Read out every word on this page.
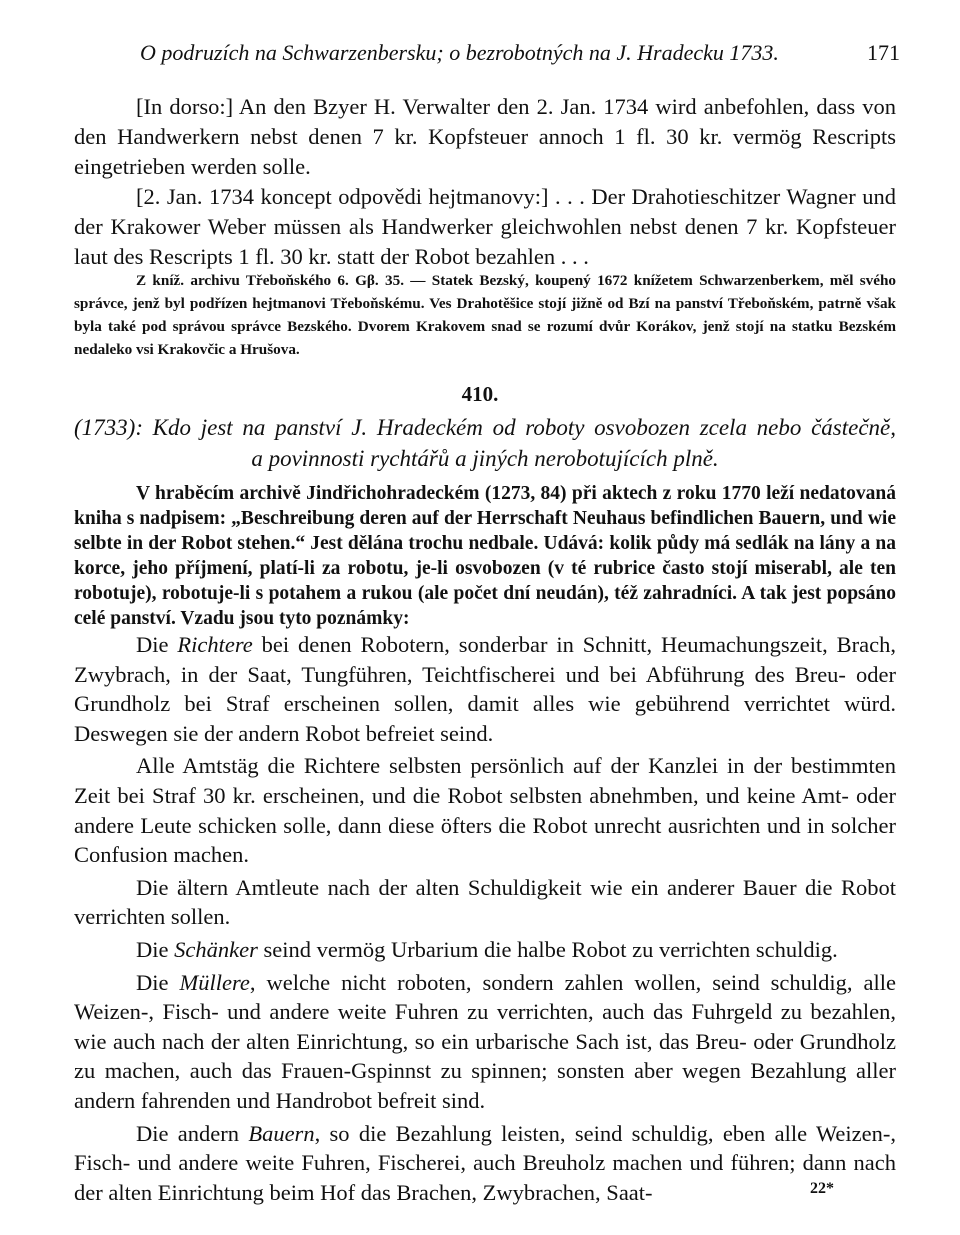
O podruzích na Schwarzenbersku; o bezrobotných na J. Hradecku 1733.	171
[In dorso:] An den Bzyer H. Verwalter den 2. Jan. 1734 wird anbefohlen, dass von den Handwerkern nebst denen 7 kr. Kopfsteuer annoch 1 fl. 30 kr. vermög Rescripts eingetrieben werden solle.
[2. Jan. 1734 koncept odpovědi hejtmanovy:] . . . Der Drahotieschitzer Wagner und der Krakower Weber müssen als Handwerker gleichwohlen nebst denen 7 kr. Kopfsteuer laut des Rescripts 1 fl. 30 kr. statt der Robot bezahlen . . .
Z kníž. archivu Třeboňského 6. Gβ. 35. — Statek Bezský, koupený 1672 knížetem Schwarzenberkem, měl svého správce, jenž byl podřízen hejtmanovi Třeboňskému. Ves Drahotěšice stojí jižně od Bzí na panství Třeboňském, patrně však byla také pod správou správce Bezského. Dvorem Krakovem snad se rozumí dvůr Korákov, jenž stojí na statku Bezském nedaleko vsi Krakovčic a Hrušova.
410.
(1733): Kdo jest na panství J. Hradeckém od roboty osvobozen zcela nebo částečně,
a povinnosti rychtářů a jiných nerobotujících plně.
V hraběcím archivě Jindřichohradeckém (1273, 84) při aktech z roku 1770 leží nedatovaná kniha s nadpisem: „Beschreibung deren auf der Herrschaft Neuhaus befindlichen Bauern, und wie selbte in der Robot stehen.“ Jest dělána trochu nedbale. Udává: kolik půdy má sedlák na lány a na korce, jeho příjmení, platí-li za robotu, je-li osvobozen (v té rubrice často stojí miserabl, ale ten robotuje), robotuje-li s potahem a rukou (ale počet dní neudán), též zahradníci. A tak jest popsáno celé panství. Vzadu jsou tyto poznámky:

Die Richtere bei denen Robotern, sonderbar in Schnitt, Heumachungszeit, Brach, Zwybrach, in der Saat, Tungführen, Teichtfischerei und bei Abführung des Breu- oder Grundholz bei Straf erscheinen sollen, damit alles wie gebührend verrichtet würd. Deswegen sie der andern Robot befreiet seind.

Alle Amtstäg die Richtere selbsten persönlich auf der Kanzlei in der bestimmten Zeit bei Straf 30 kr. erscheinen, und die Robot selbsten abnehmben, und keine Amt- oder andere Leute schicken solle, dann diese öfters die Robot unrecht ausrichten und in solcher Confusion machen.

Die ältern Amtleute nach der alten Schuldigkeit wie ein anderer Bauer die Robot verrichten sollen.

Die Schänker seind vermög Urbarium die halbe Robot zu verrichten schuldig.

Die Müllere, welche nicht roboten, sondern zahlen wollen, seind schuldig, alle Weizen-, Fisch- und andere weite Fuhren zu verrichten, auch das Fuhrgeld zu bezahlen, wie auch nach der alten Einrichtung, so ein urbarische Sach ist, das Breu- oder Grundholz zu machen, auch das Frauen-Gspinnst zu spinnen; sonsten aber wegen Bezahlung aller andern fahrenden und Handrobot befreit sind.

Die andern Bauern, so die Bezahlung leisten, seind schuldig, eben alle Weizen-, Fisch- und andere weite Fuhren, Fischerei, auch Breuholz machen und führen; dann nach der alten Einrichtung beim Hof das Brachen, Zwybrachen, Saat-	22*
